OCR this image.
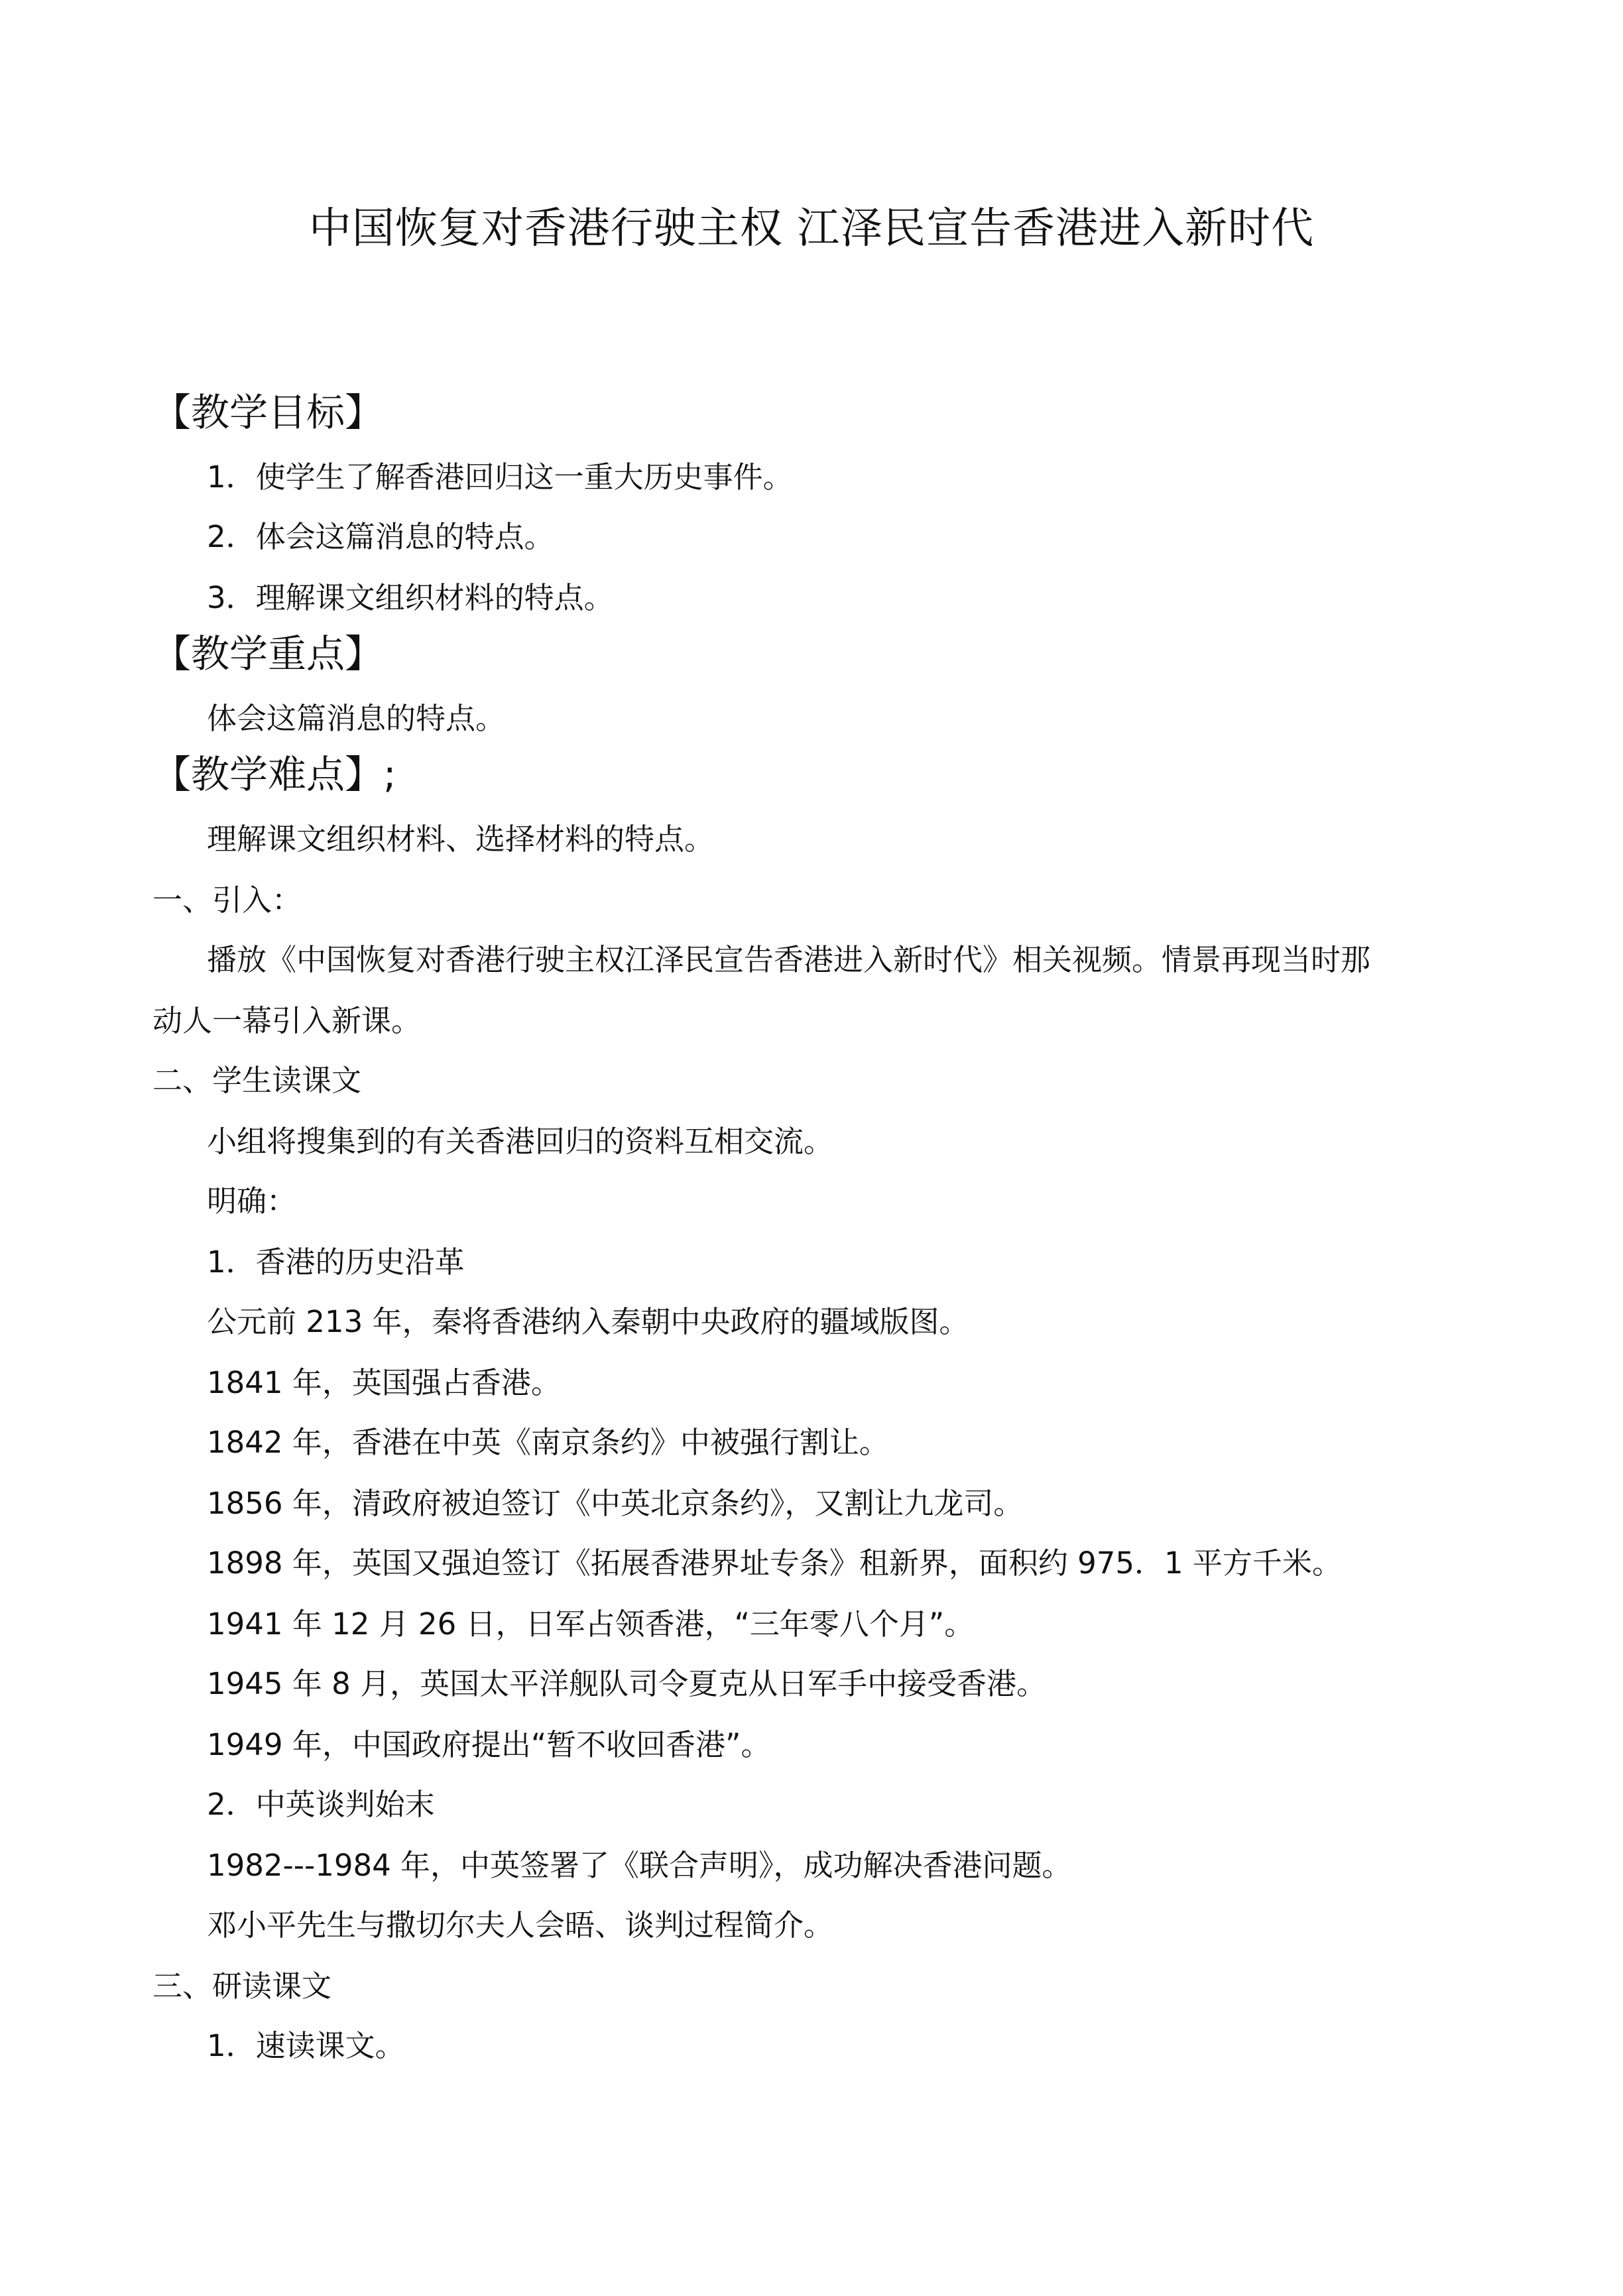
中国恢复对香港行驶主权 江泽民宣告香港进入新时代
【教学目标】
1．使学生了解香港回归这一重大历史事件。
2．体会这篇消息的特点。
3．理解课文组织材料的特点。
【教学重点】
体会这篇消息的特点。
【教学难点】;
理解课文组织材料、选择材料的特点。
一、引入：
播放《中国恢复对香港行驶主权江泽民宣告香港进入新时代》相关视频。情景再现当时那
动人一幕引入新课。
二、学生读课文
小组将搜集到的有关香港回归的资料互相交流。
明确：
1．香港的历史沿革
公元前 213 年，秦将香港纳入秦朝中央政府的疆域版图。
1841 年，英国强占香港。
1842 年，香港在中英《南京条约》中被强行割让。
1856 年，清政府被迫签订《中英北京条约》，又割让九龙司。
1898 年，英国又强迫签订《拓展香港界址专条》租新界，面积约 975．1 平方千米。
1941 年 12 月 26 日，日军占领香港，“三年零八个月”。
1945 年 8 月，英国太平洋舰队司令夏克从日军手中接受香港。
1949 年，中国政府提出“暂不收回香港”。
2．中英谈判始末
1982---1984 年，中英签署了《联合声明》，成功解决香港问题。
邓小平先生与撒切尔夫人会晤、谈判过程简介。
三、研读课文
1．速读课文。
